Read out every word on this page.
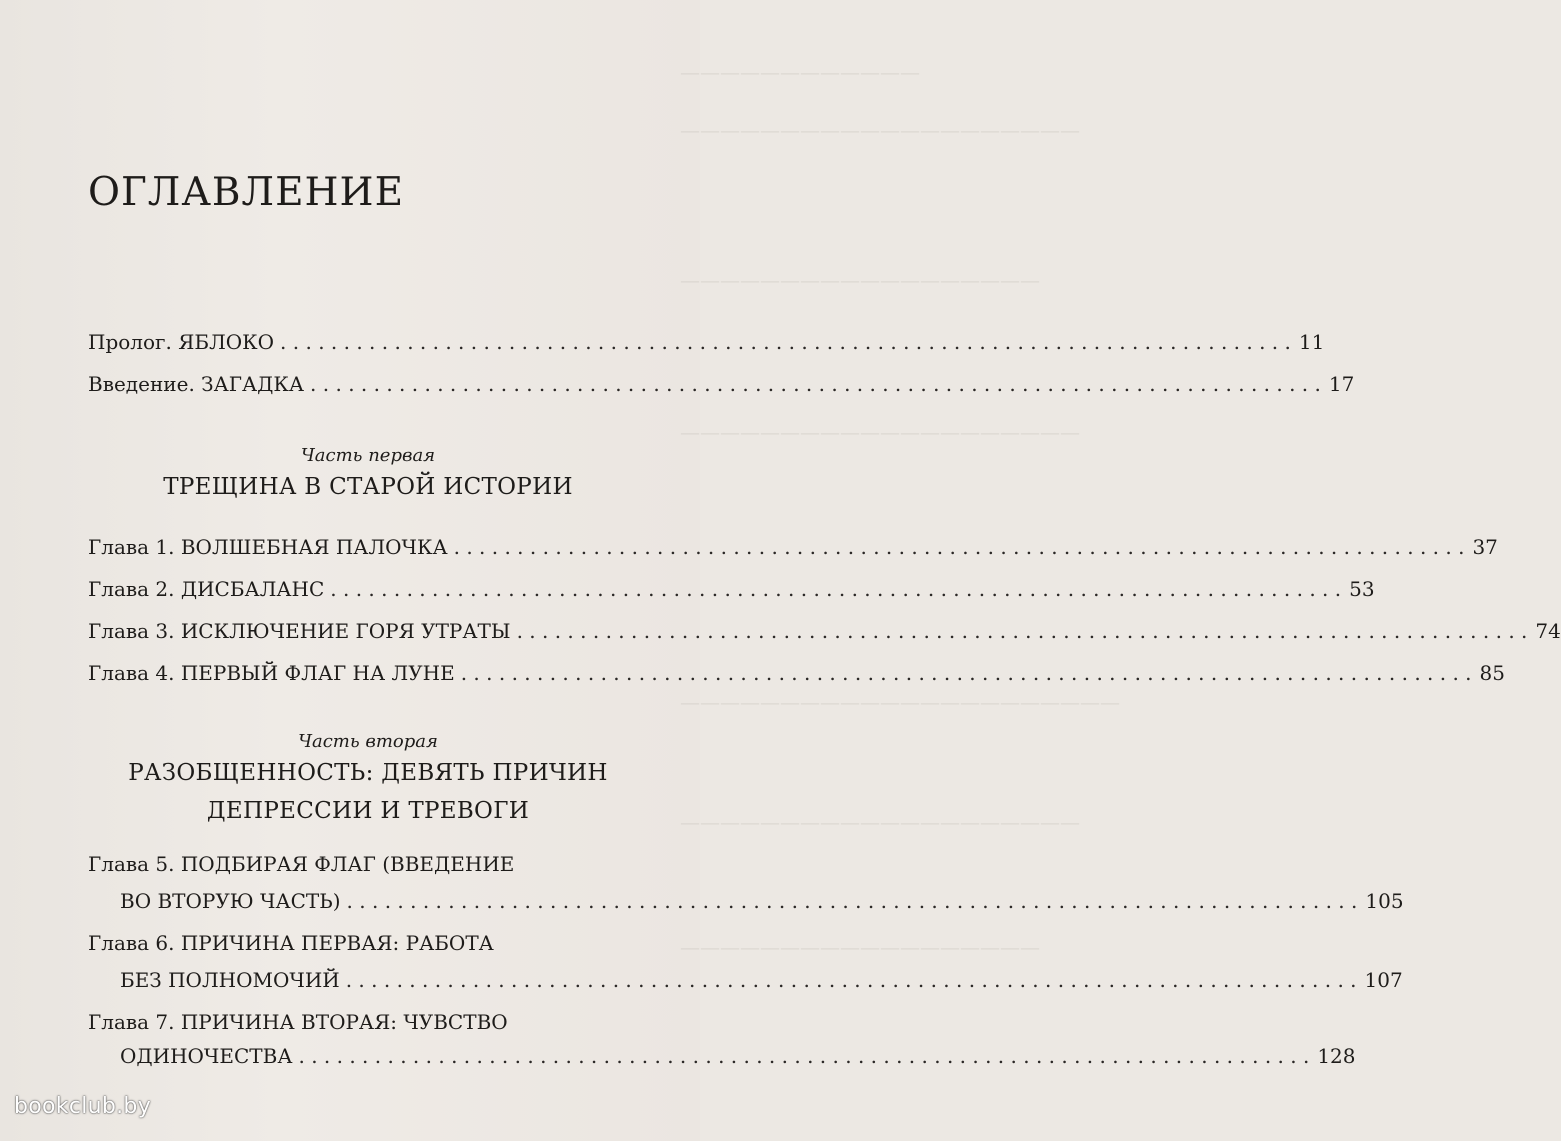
————————————
————————————————————
——————————————————
————————————————————
——————————————————————
————————————————————
——————————————————
ОГЛАВЛЕНИЕ
Пролог. ЯБЛОКО . . .	11
Введение. ЗАГАДКА . . .	17
Часть первая
ТРЕЩИНА В СТАРОЙ ИСТОРИИ
Глава 1. ВОЛШЕБНАЯ ПАЛОЧКА . . .	37
Глава 2. ДИСБАЛАНС . . .	53
Глава 3. ИСКЛЮЧЕНИЕ ГОРЯ УТРАТЫ . . .	74
Глава 4. ПЕРВЫЙ ФЛАГ НА ЛУНЕ . . .	85
Часть вторая
РАЗОБЩЕННОСТЬ: ДЕВЯТЬ ПРИЧИН
ДЕПРЕССИИ И ТРЕВОГИ
Глава 5. ПОДБИРАЯ ФЛАГ (ВВЕДЕНИЕ
ВО ВТОРУЮ ЧАСТЬ) . . .	105
Глава 6. ПРИЧИНА ПЕРВАЯ: РАБОТА
БЕЗ ПОЛНОМОЧИЙ . . .	107
Глава 7. ПРИЧИНА ВТОРАЯ: ЧУВСТВО
ОДИНОЧЕСТВА . . .	128
bookclub.by
